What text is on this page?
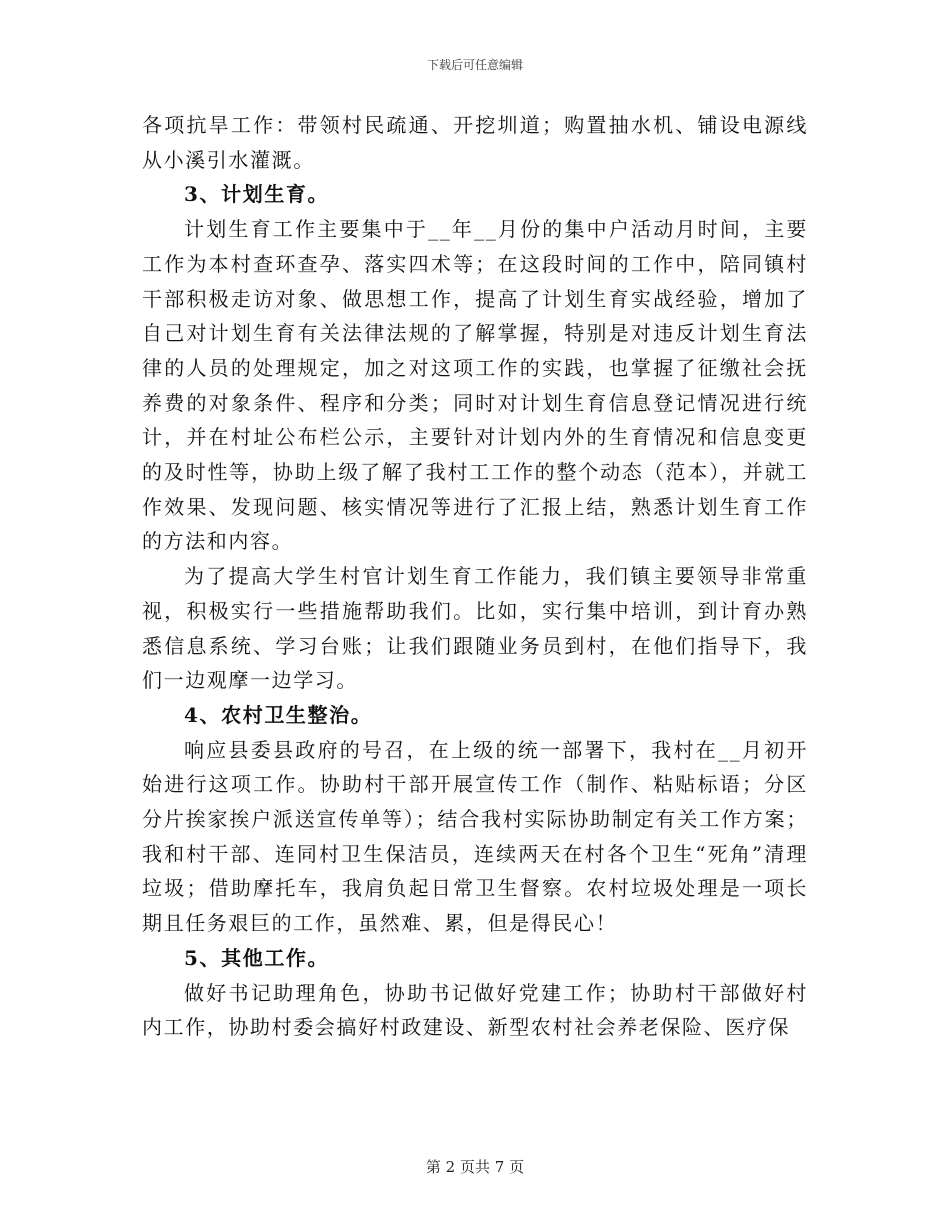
下载后可任意编辑

各项抗旱工作：带领村民疏通、开挖圳道；购置抽水机、铺设电源线从小溪引水灌溉。

3、计划生育。

计划生育工作主要集中于__年__月份的集中户活动月时间，主要工作为本村查环查孕、落实四术等；在这段时间的工作中，陪同镇村干部积极走访对象、做思想工作，提高了计划生育实战经验，增加了自己对计划生育有关法律法规的了解掌握，特别是对违反计划生育法律的人员的处理规定，加之对这项工作的实践，也掌握了征缴社会抚养费的对象条件、程序和分类；同时对计划生育信息登记情况进行统计，并在村址公布栏公示，主要针对计划内外的生育情况和信息变更的及时性等，协助上级了解了我村工工作的整个动态（范本），并就工作效果、发现问题、核实情况等进行了汇报上结，熟悉计划生育工作的方法和内容。

为了提高大学生村官计划生育工作能力，我们镇主要领导非常重视，积极实行一些措施帮助我们。比如，实行集中培训，到计育办熟悉信息系统、学习台账；让我们跟随业务员到村，在他们指导下，我们一边观摩一边学习。

4、农村卫生整治。

响应县委县政府的号召，在上级的统一部署下，我村在__月初开始进行这项工作。协助村干部开展宣传工作（制作、粘贴标语；分区分片挨家挨户派送宣传单等）；结合我村实际协助制定有关工作方案；我和村干部、连同村卫生保洁员，连续两天在村各个卫生“死角”清理垃圾；借助摩托车，我肩负起日常卫生督察。农村垃圾处理是一项长期且任务艰巨的工作，虽然难、累，但是得民心！

5、其他工作。

做好书记助理角色，协助书记做好党建工作；协助村干部做好村内工作，协助村委会搞好村政建设、新型农村社会养老保险、医疗保

第 2 页共 7 页
